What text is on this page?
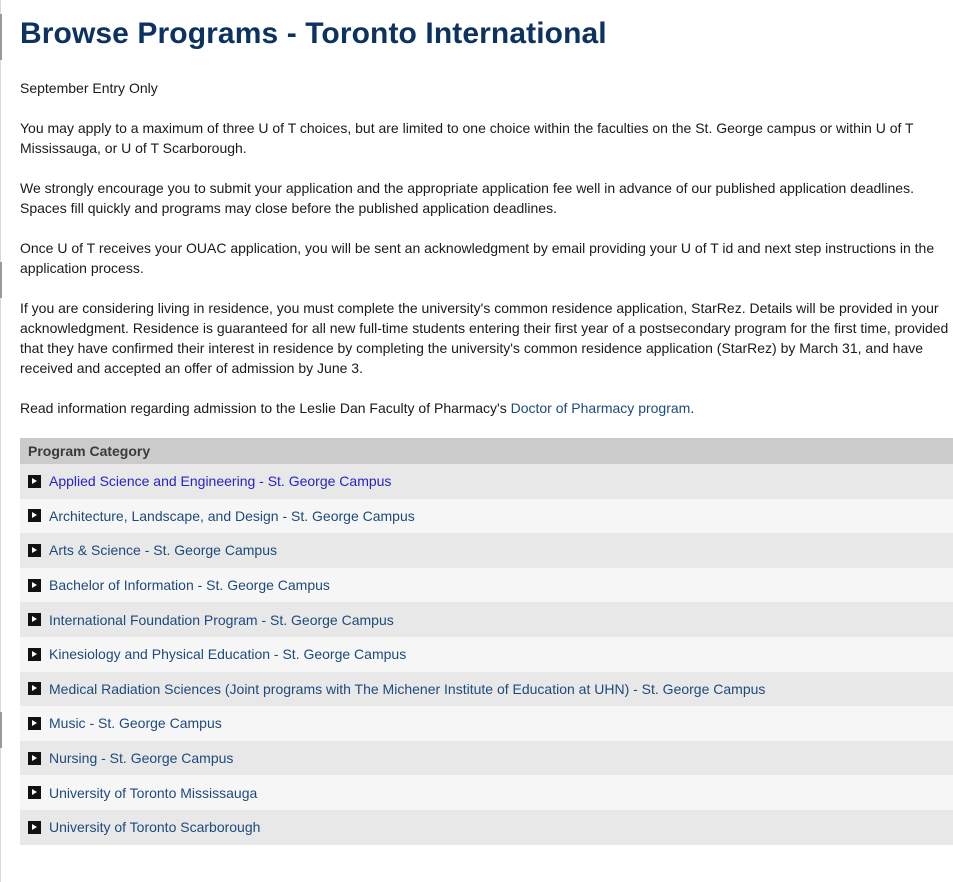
Browse Programs - Toronto International

September Entry Only

You may apply to a maximum of three U of T choices, but are limited to one choice within the faculties on the St. George campus or within U of T Mississauga, or U of T Scarborough.

We strongly encourage you to submit your application and the appropriate application fee well in advance of our published application deadlines. Spaces fill quickly and programs may close before the published application deadlines.

Once U of T receives your OUAC application, you will be sent an acknowledgment by email providing your U of T id and next step instructions in the application process.

If you are considering living in residence, you must complete the university's common residence application, StarRez. Details will be provided in your acknowledgment. Residence is guaranteed for all new full-time students entering their first year of a postsecondary program for the first time, provided that they have confirmed their interest in residence by completing the university's common residence application (StarRez) by March 31, and have received and accepted an offer of admission by June 3.

Read information regarding admission to the Leslie Dan Faculty of Pharmacy's Doctor of Pharmacy program.

Program Category
Applied Science and Engineering - St. George Campus
Architecture, Landscape, and Design - St. George Campus
Arts & Science - St. George Campus
Bachelor of Information - St. George Campus
International Foundation Program - St. George Campus
Kinesiology and Physical Education - St. George Campus
Medical Radiation Sciences (Joint programs with The Michener Institute of Education at UHN) - St. George Campus
Music - St. George Campus
Nursing - St. George Campus
University of Toronto Mississauga
University of Toronto Scarborough
